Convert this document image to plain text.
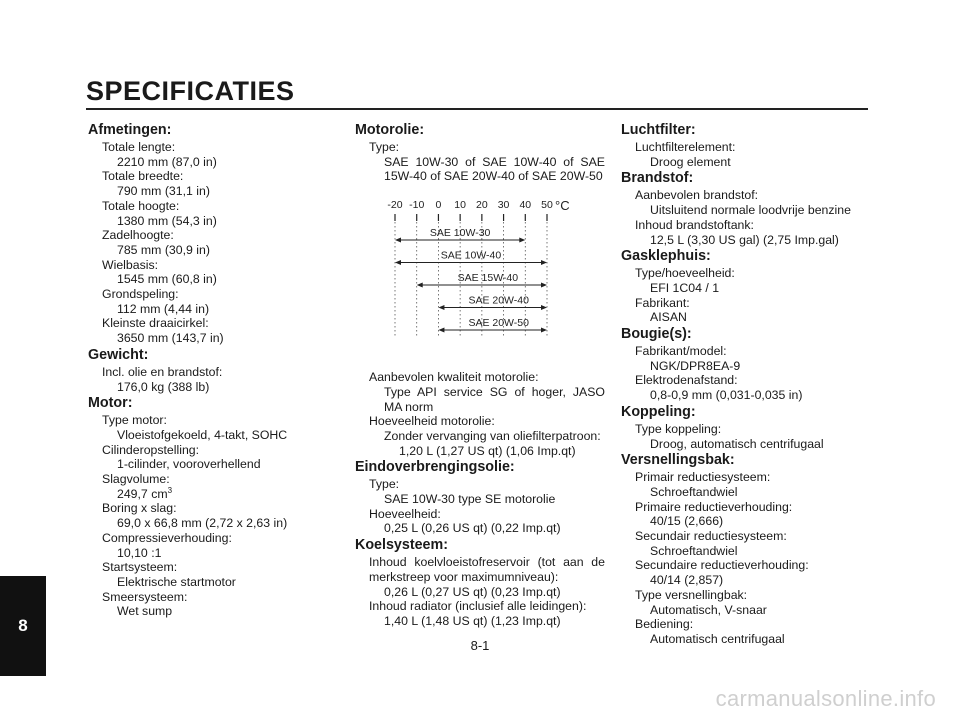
SPECIFICATIES
Afmetingen:
Totale lengte:
2210 mm (87,0 in)
Totale breedte:
790 mm (31,1 in)
Totale hoogte:
1380 mm (54,3 in)
Zadelhoogte:
785 mm (30,9 in)
Wielbasis:
1545 mm (60,8 in)
Grondspeling:
112 mm (4,44 in)
Kleinste draaicirkel:
3650 mm (143,7 in)
Gewicht:
Incl. olie en brandstof:
176,0 kg (388 lb)
Motor:
Type motor:
Vloeistofgekoeld, 4-takt, SOHC
Cilinderopstelling:
1-cilinder, vooroverhellend
Slagvolume:
249,7 $cm^3$
Boring x slag:
69,0 x 66,8 mm (2,72 x 2,63 in)
Compressieverhouding:
10,10 :1
Startsysteem:
Elektrische startmotor
Smeersysteem:
Wet sump
Motorolie:
Type:
SAE 10W-30 of SAE 10W-40 of SAE 15W-40 of SAE 20W-40 of SAE 20W-50
-20 -10 0 10 20 30 40 50 °C
SAE 10W-30
SAE 10W-40
SAE 15W-40
SAE 20W-40
SAE 20W-50
Aanbevolen kwaliteit motorolie:
Type API service SG of hoger, JASO MA norm
Hoeveelheid motorolie:
Zonder vervanging van oliefilterpatroon:
1,20 L (1,27 US qt) (1,06 Imp.qt)
Eindoverbrengingsolie:
Type:
SAE 10W-30 type SE motorolie
Hoeveelheid:
0,25 L (0,26 US qt) (0,22 Imp.qt)
Koelsysteem:
Inhoud koelvloeistofreservoir (tot aan de merkstreep voor maximumniveau):
0,26 L (0,27 US qt) (0,23 Imp.qt)
Inhoud radiator (inclusief alle leidingen):
1,40 L (1,48 US qt) (1,23 Imp.qt)
Luchtfilter:
Luchtfilterelement:
Droog element
Brandstof:
Aanbevolen brandstof:
Uitsluitend normale loodvrije benzine
Inhoud brandstoftank:
12,5 L (3,30 US gal) (2,75 Imp.gal)
Gasklephuis:
Type/hoeveelheid:
EFI 1C04 / 1
Fabrikant:
AISAN
Bougie(s):
Fabrikant/model:
NGK/DPR8EA-9
Elektrodenafstand:
0,8-0,9 mm (0,031-0,035 in)
Koppeling:
Type koppeling:
Droog, automatisch centrifugaal
Versnellingsbak:
Primair reductiesysteem:
Schroeftandwiel
Primaire reductieverhouding:
40/15 (2,666)
Secundair reductiesysteem:
Schroeftandwiel
Secundaire reductieverhouding:
40/14 (2,857)
Type versnellingbak:
Automatisch, V-snaar
Bediening:
Automatisch centrifugaal
8
8-1
carmanualsonline.info
